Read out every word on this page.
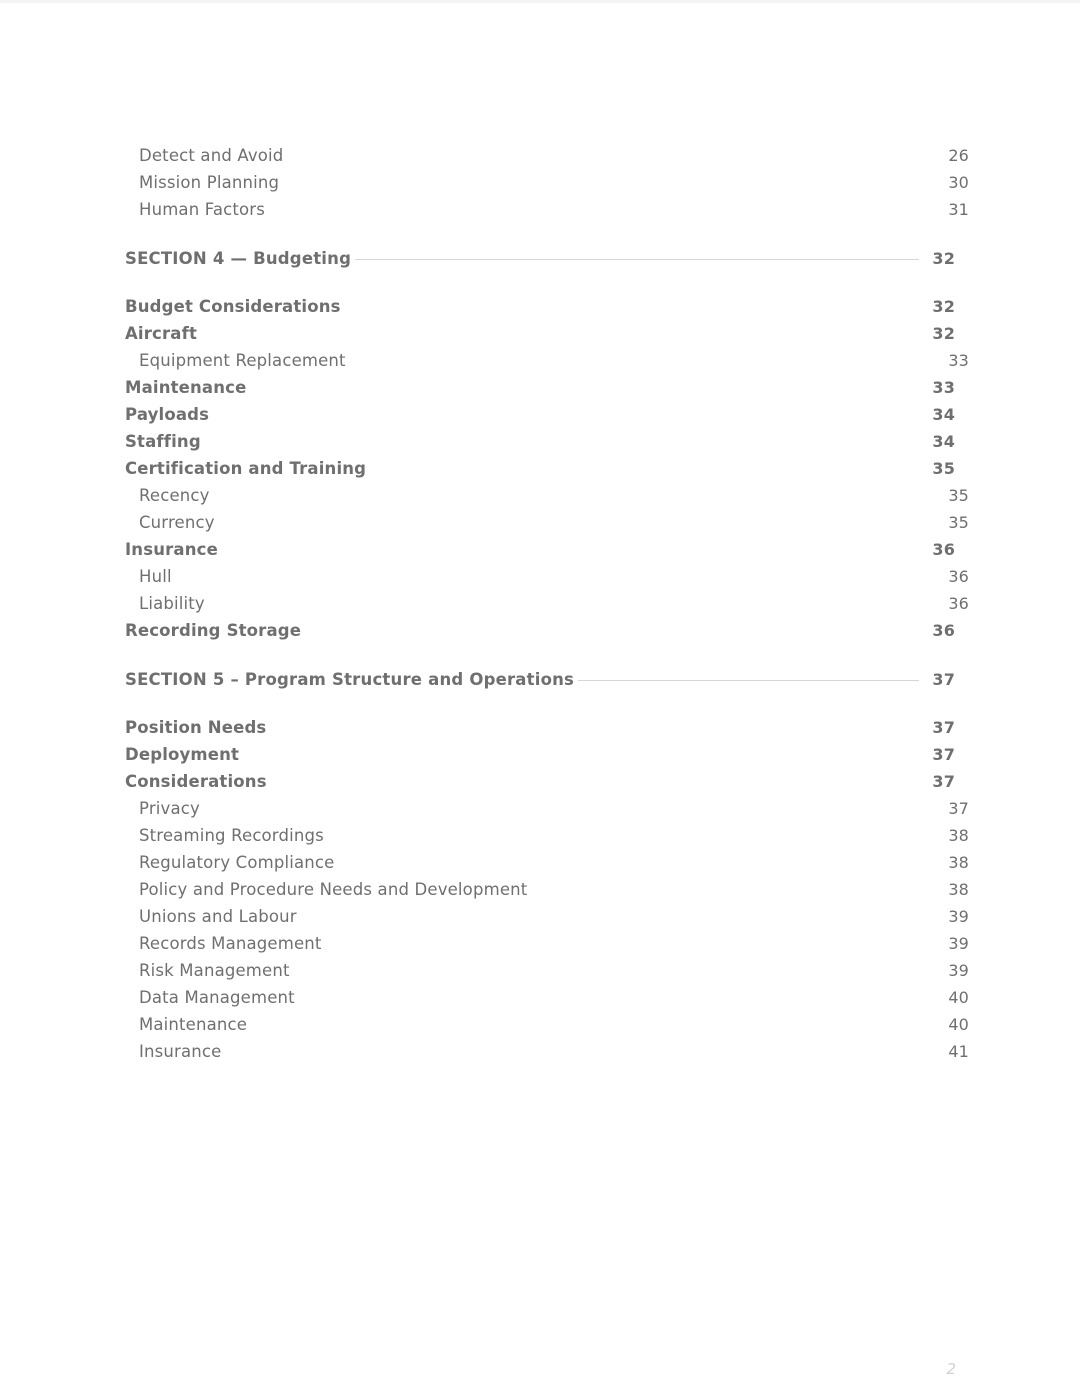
Detect and Avoid	26
Mission Planning	30
Human Factors	31
SECTION 4 — Budgeting	32
Budget Considerations	32
Aircraft	32
Equipment Replacement	33
Maintenance	33
Payloads	34
Staffing	34
Certification and Training	35
Recency	35
Currency	35
Insurance	36
Hull	36
Liability	36
Recording Storage	36
SECTION 5 – Program Structure and Operations	37
Position Needs	37
Deployment	37
Considerations	37
Privacy	37
Streaming Recordings	38
Regulatory Compliance	38
Policy and Procedure Needs and Development	38
Unions and Labour	39
Records Management	39
Risk Management	39
Data Management	40
Maintenance	40
Insurance	41
2
